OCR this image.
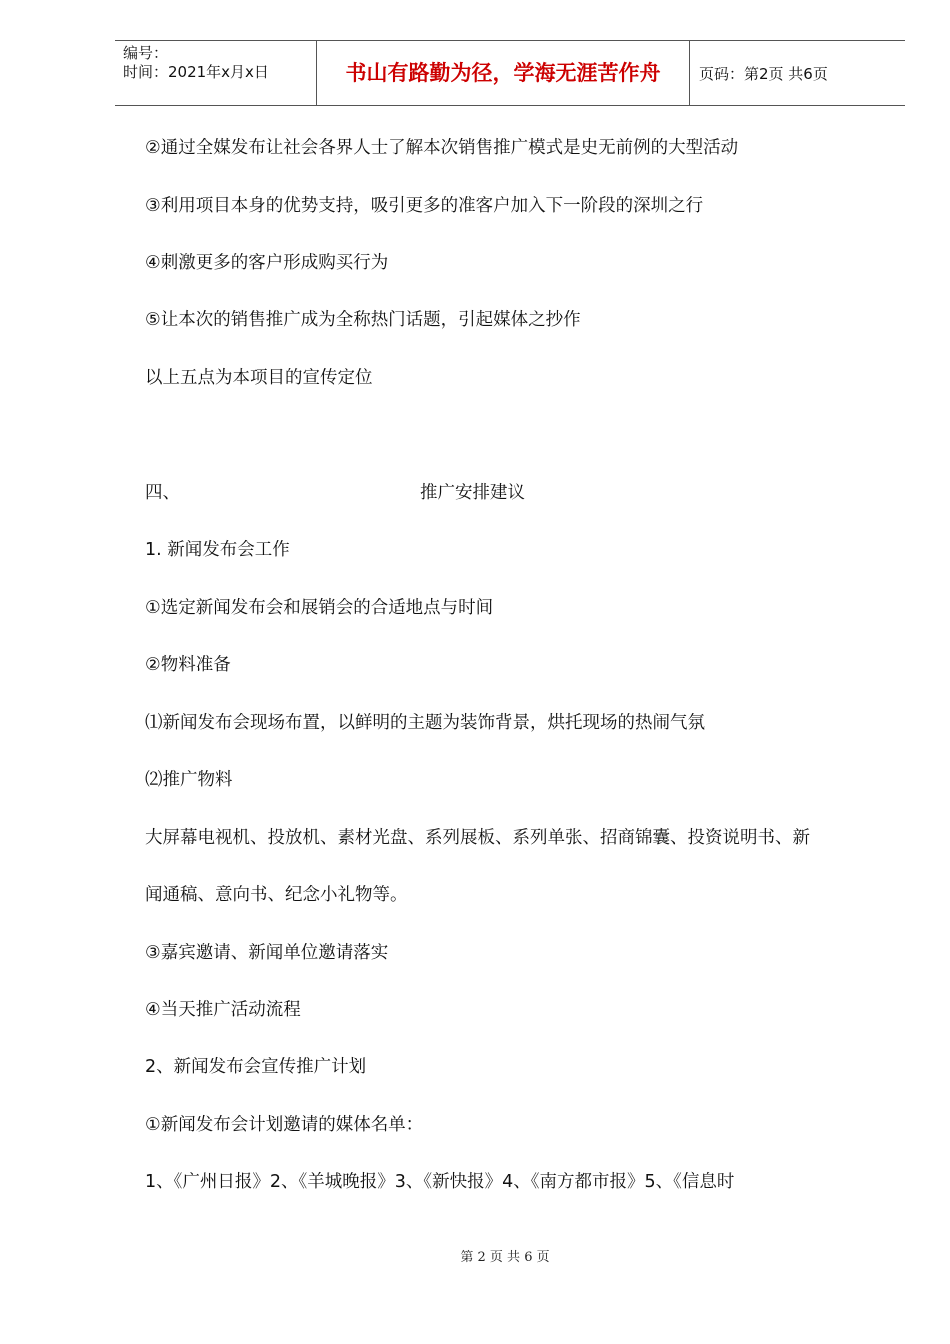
编号：
时间：2021年x月x日	书山有路勤为径，学海无涯苦作舟	页码：第2页 共6页
②通过全媒发布让社会各界人士了解本次销售推广模式是史无前例的大型活动
③利用项目本身的优势支持，吸引更多的准客户加入下一阶段的深圳之行
④刺激更多的客户形成购买行为
⑤让本次的销售推广成为全称热门话题，引起媒体之抄作
以上五点为本项目的宣传定位
四、	推广安排建议
1. 新闻发布会工作
①选定新闻发布会和展销会的合适地点与时间
②物料准备
⑴新闻发布会现场布置，以鲜明的主题为装饰背景，烘托现场的热闹气氛
⑵推广物料
大屏幕电视机、投放机、素材光盘、系列展板、系列单张、招商锦囊、投资说明书、新
闻通稿、意向书、纪念小礼物等。
③嘉宾邀请、新闻单位邀请落实
④当天推广活动流程
2、新闻发布会宣传推广计划
①新闻发布会计划邀请的媒体名单：
1、《广州日报》2、《羊城晚报》3、《新快报》4、《南方都市报》5、《信息时
第 2 页 共 6 页
